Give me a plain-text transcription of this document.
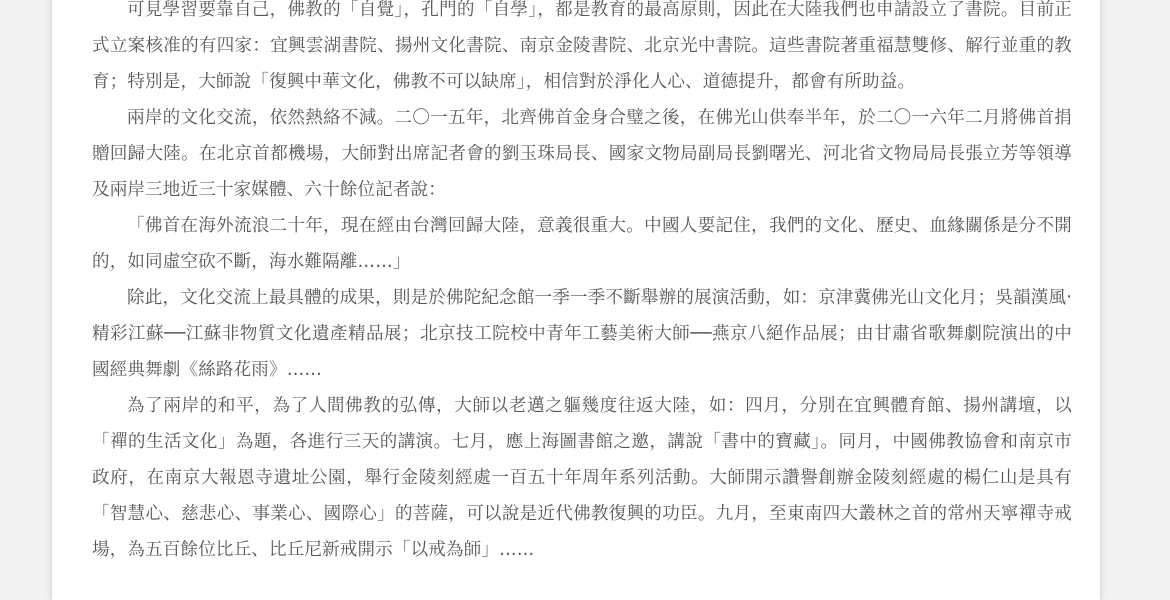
可見學習要靠自己，佛教的「自覺」，孔門的「自學」，都是教育的最高原則，因此在大陸我們也申請設立了書院。目前正式立案核准的有四家：宜興雲湖書院、揚州文化書院、南京金陵書院、北京光中書院。這些書院著重福慧雙修、解行並重的教育；特別是，大師說「復興中華文化，佛教不可以缺席」，相信對於淨化人心、道德提升，都會有所助益。

兩岸的文化交流，依然熱絡不減。二〇一五年，北齊佛首金身合璧之後，在佛光山供奉半年，於二〇一六年二月將佛首捐贈回歸大陸。在北京首都機場，大師對出席記者會的劉玉珠局長、國家文物局副局長劉曙光、河北省文物局局長張立芳等領導及兩岸三地近三十家媒體、六十餘位記者說：

「佛首在海外流浪二十年，現在經由台灣回歸大陸，意義很重大。中國人要記住，我們的文化、歷史、血緣關係是分不開的，如同虛空砍不斷，海水難隔離……」

除此，文化交流上最具體的成果，則是於佛陀紀念館一季一季不斷舉辦的展演活動，如：京津冀佛光山文化月；吳韻漢風‧精彩江蘇──江蘇非物質文化遺產精品展；北京技工院校中青年工藝美術大師──燕京八絕作品展；由甘肅省歌舞劇院演出的中國經典舞劇《絲路花雨》……

為了兩岸的和平，為了人間佛教的弘傳，大師以老邁之軀幾度往返大陸，如：四月，分別在宜興體育館、揚州講壇，以「禪的生活文化」為題，各進行三天的講演。七月，應上海圖書館之邀，講說「書中的寶藏」。同月，中國佛教協會和南京市政府，在南京大報恩寺遺址公園，舉行金陵刻經處一百五十年周年系列活動。大師開示讚譽創辦金陵刻經處的楊仁山是具有「智慧心、慈悲心、事業心、國際心」的菩薩，可以說是近代佛教復興的功臣。九月，至東南四大叢林之首的常州天寧禪寺戒場，為五百餘位比丘、比丘尼新戒開示「以戒為師」……
